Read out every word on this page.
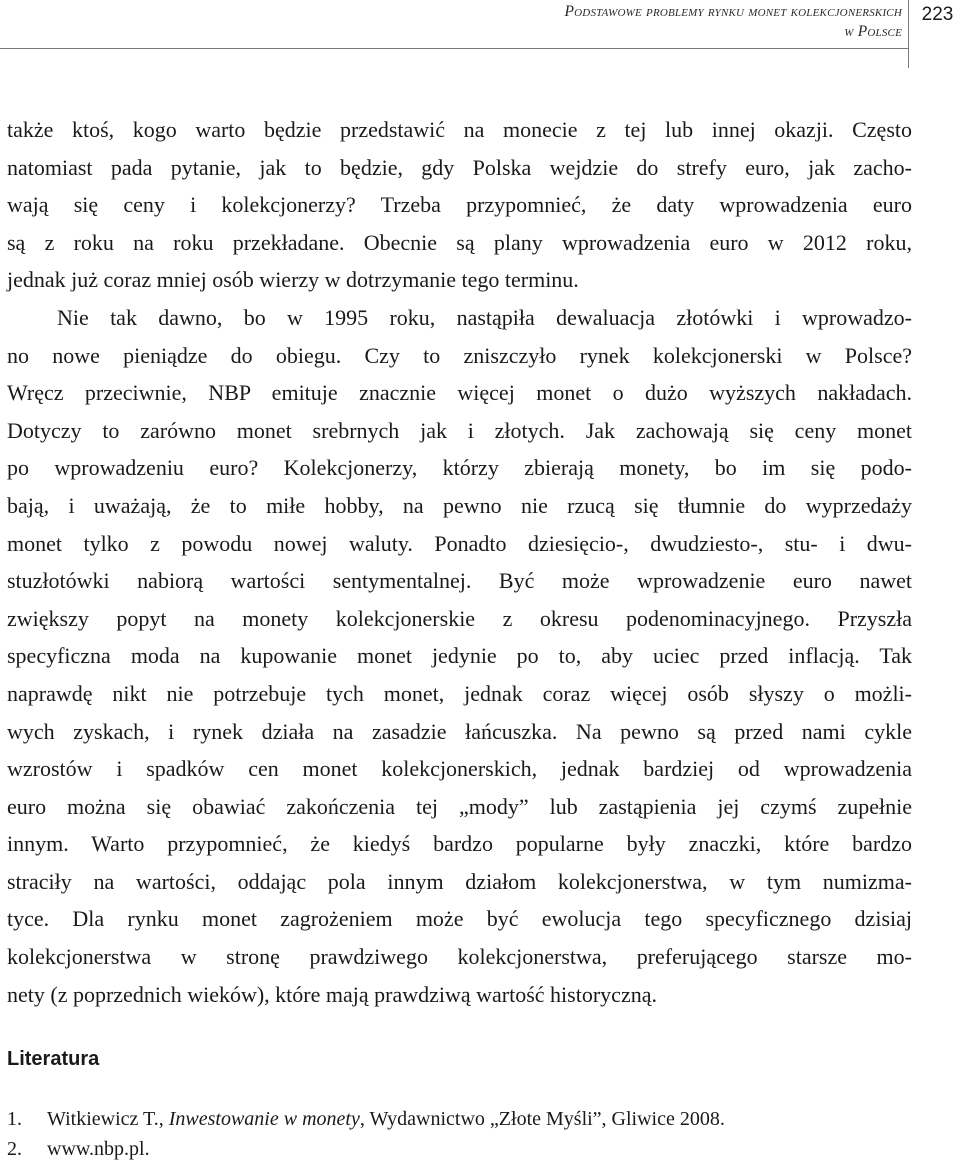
Podstawowe problemy rynku monet kolekcjonerskich
w Polsce
223
także ktoś, kogo warto będzie przedstawić na monecie z tej lub innej okazji. Często
natomiast pada pytanie, jak to będzie, gdy Polska wejdzie do strefy euro, jak zacho-
wają się ceny i kolekcjonerzy? Trzeba przypomnieć, że daty wprowadzenia euro
są z roku na roku przekładane. Obecnie są plany wprowadzenia euro w 2012 roku,
jednak już coraz mniej osób wierzy w dotrzymanie tego terminu.
Nie tak dawno, bo w 1995 roku, nastąpiła dewaluacja złotówki i wprowadzo-
no nowe pieniądze do obiegu. Czy to zniszczyło rynek kolekcjonerski w Polsce?
Wręcz przeciwnie, NBP emituje znacznie więcej monet o dużo wyższych nakładach.
Dotyczy to zarówno monet srebrnych jak i złotych. Jak zachowają się ceny monet
po wprowadzeniu euro? Kolekcjonerzy, którzy zbierają monety, bo im się podo-
bają, i uważają, że to miłe hobby, na pewno nie rzucą się tłumnie do wyprzedaży
monet tylko z powodu nowej waluty. Ponadto dziesięcio-, dwudziesto-, stu- i dwu-
stuzłotówki nabiorą wartości sentymentalnej. Być może wprowadzenie euro nawet
zwiększy popyt na monety kolekcjonerskie z okresu podenominacyjnego. Przyszła
specyficzna moda na kupowanie monet jedynie po to, aby uciec przed inflacją. Tak
naprawdę nikt nie potrzebuje tych monet, jednak coraz więcej osób słyszy o możli-
wych zyskach, i rynek działa na zasadzie łańcuszka. Na pewno są przed nami cykle
wzrostów i spadków cen monet kolekcjonerskich, jednak bardziej od wprowadzenia
euro można się obawiać zakończenia tej „mody” lub zastąpienia jej czymś zupełnie
innym. Warto przypomnieć, że kiedyś bardzo popularne były znaczki, które bardzo
straciły na wartości, oddając pola innym działom kolekcjonerstwa, w tym numizma-
tyce. Dla rynku monet zagrożeniem może być ewolucja tego specyficznego dzisiaj
kolekcjonerstwa w stronę prawdziwego kolekcjonerstwa, preferującego starsze mo-
nety (z poprzednich wieków), które mają prawdziwą wartość historyczną.
Literatura
1. Witkiewicz T., Inwestowanie w monety, Wydawnictwo „Złote Myśli”, Gliwice 2008.
2. www.nbp.pl.
